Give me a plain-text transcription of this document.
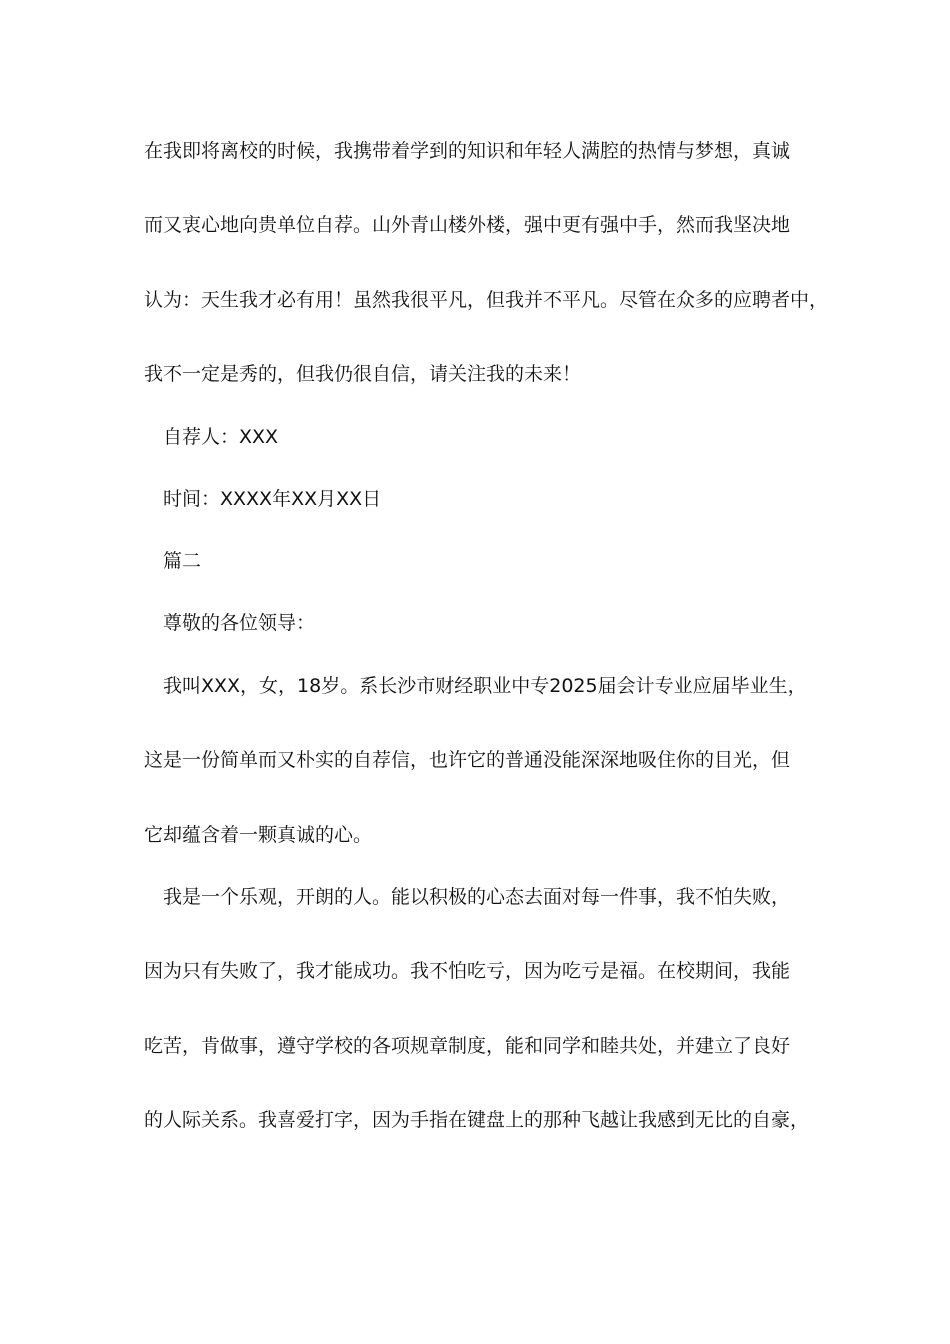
在我即将离校的时候，我携带着学到的知识和年轻人满腔的热情与梦想，真诚
而又衷心地向贵单位自荐。山外青山楼外楼，强中更有强中手，然而我坚决地
认为：天生我才必有用！虽然我很平凡，但我并不平凡。尽管在众多的应聘者中，
我不一定是秀的，但我仍很自信，请关注我的未来！
自荐人：XXX
时间：XXXX年XX月XX日
篇二
尊敬的各位领导：
我叫XXX，女，18岁。系长沙市财经职业中专2025届会计专业应届毕业生，
这是一份简单而又朴实的自荐信，也许它的普通没能深深地吸住你的目光，但
它却蕴含着一颗真诚的心。
我是一个乐观，开朗的人。能以积极的心态去面对每一件事，我不怕失败，
因为只有失败了，我才能成功。我不怕吃亏，因为吃亏是福。在校期间，我能
吃苦，肯做事，遵守学校的各项规章制度，能和同学和睦共处，并建立了良好
的人际关系。我喜爱打字，因为手指在键盘上的那种飞越让我感到无比的自豪，
